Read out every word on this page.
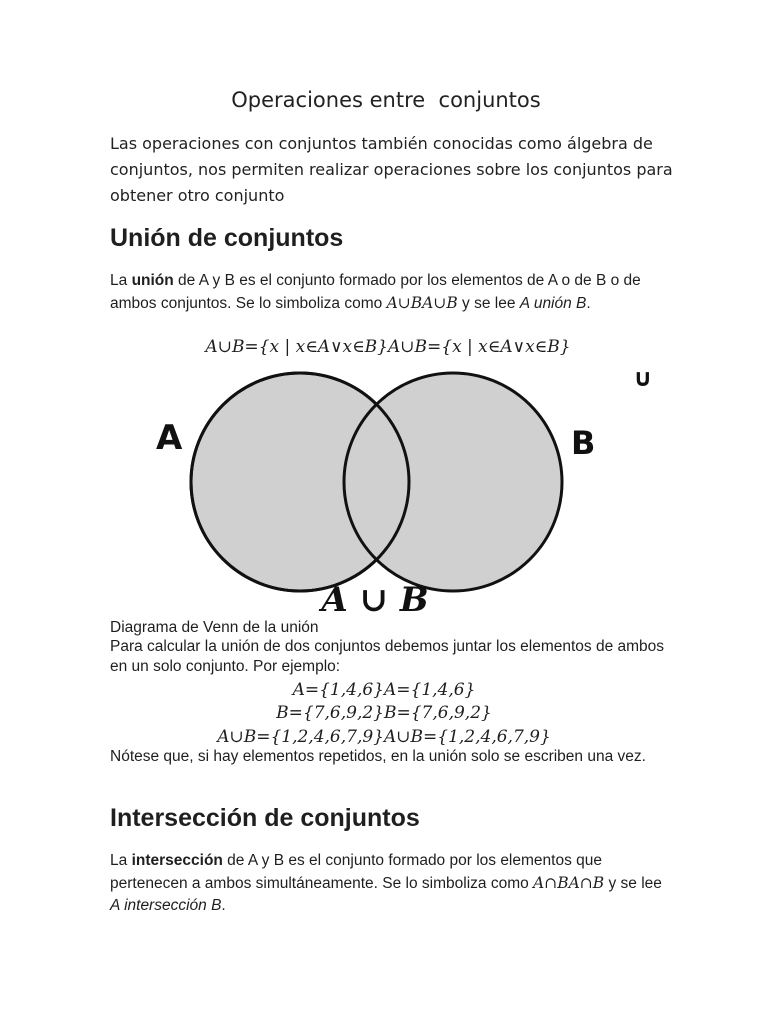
Operaciones entre  conjuntos
Las operaciones con conjuntos también conocidas como álgebra de conjuntos, nos permiten realizar operaciones sobre los conjuntos para obtener otro conjunto
Unión de conjuntos
La unión de A y B es el conjunto formado por los elementos de A o de B o de ambos conjuntos. Se lo simboliza como A∪BA∪B y se lee A unión B.
A∪B={x | x∈A∨x∈B}A∪B={x | x∈A∨x∈B}
A	B
∪
A ∪ B
Diagrama de Venn de la unión
Para calcular la unión de dos conjuntos debemos juntar los elementos de ambos en un solo conjunto. Por ejemplo:
A={1,4,6}A={1,4,6}
B={7,6,9,2}B={7,6,9,2}
A∪B={1,2,4,6,7,9}A∪B={1,2,4,6,7,9}
Nótese que, si hay elementos repetidos, en la unión solo se escriben una vez.
Intersección de conjuntos
La intersección de A y B es el conjunto formado por los elementos que pertenecen a ambos simultáneamente. Se lo simboliza como A∩BA∩B y se lee A intersección B.
